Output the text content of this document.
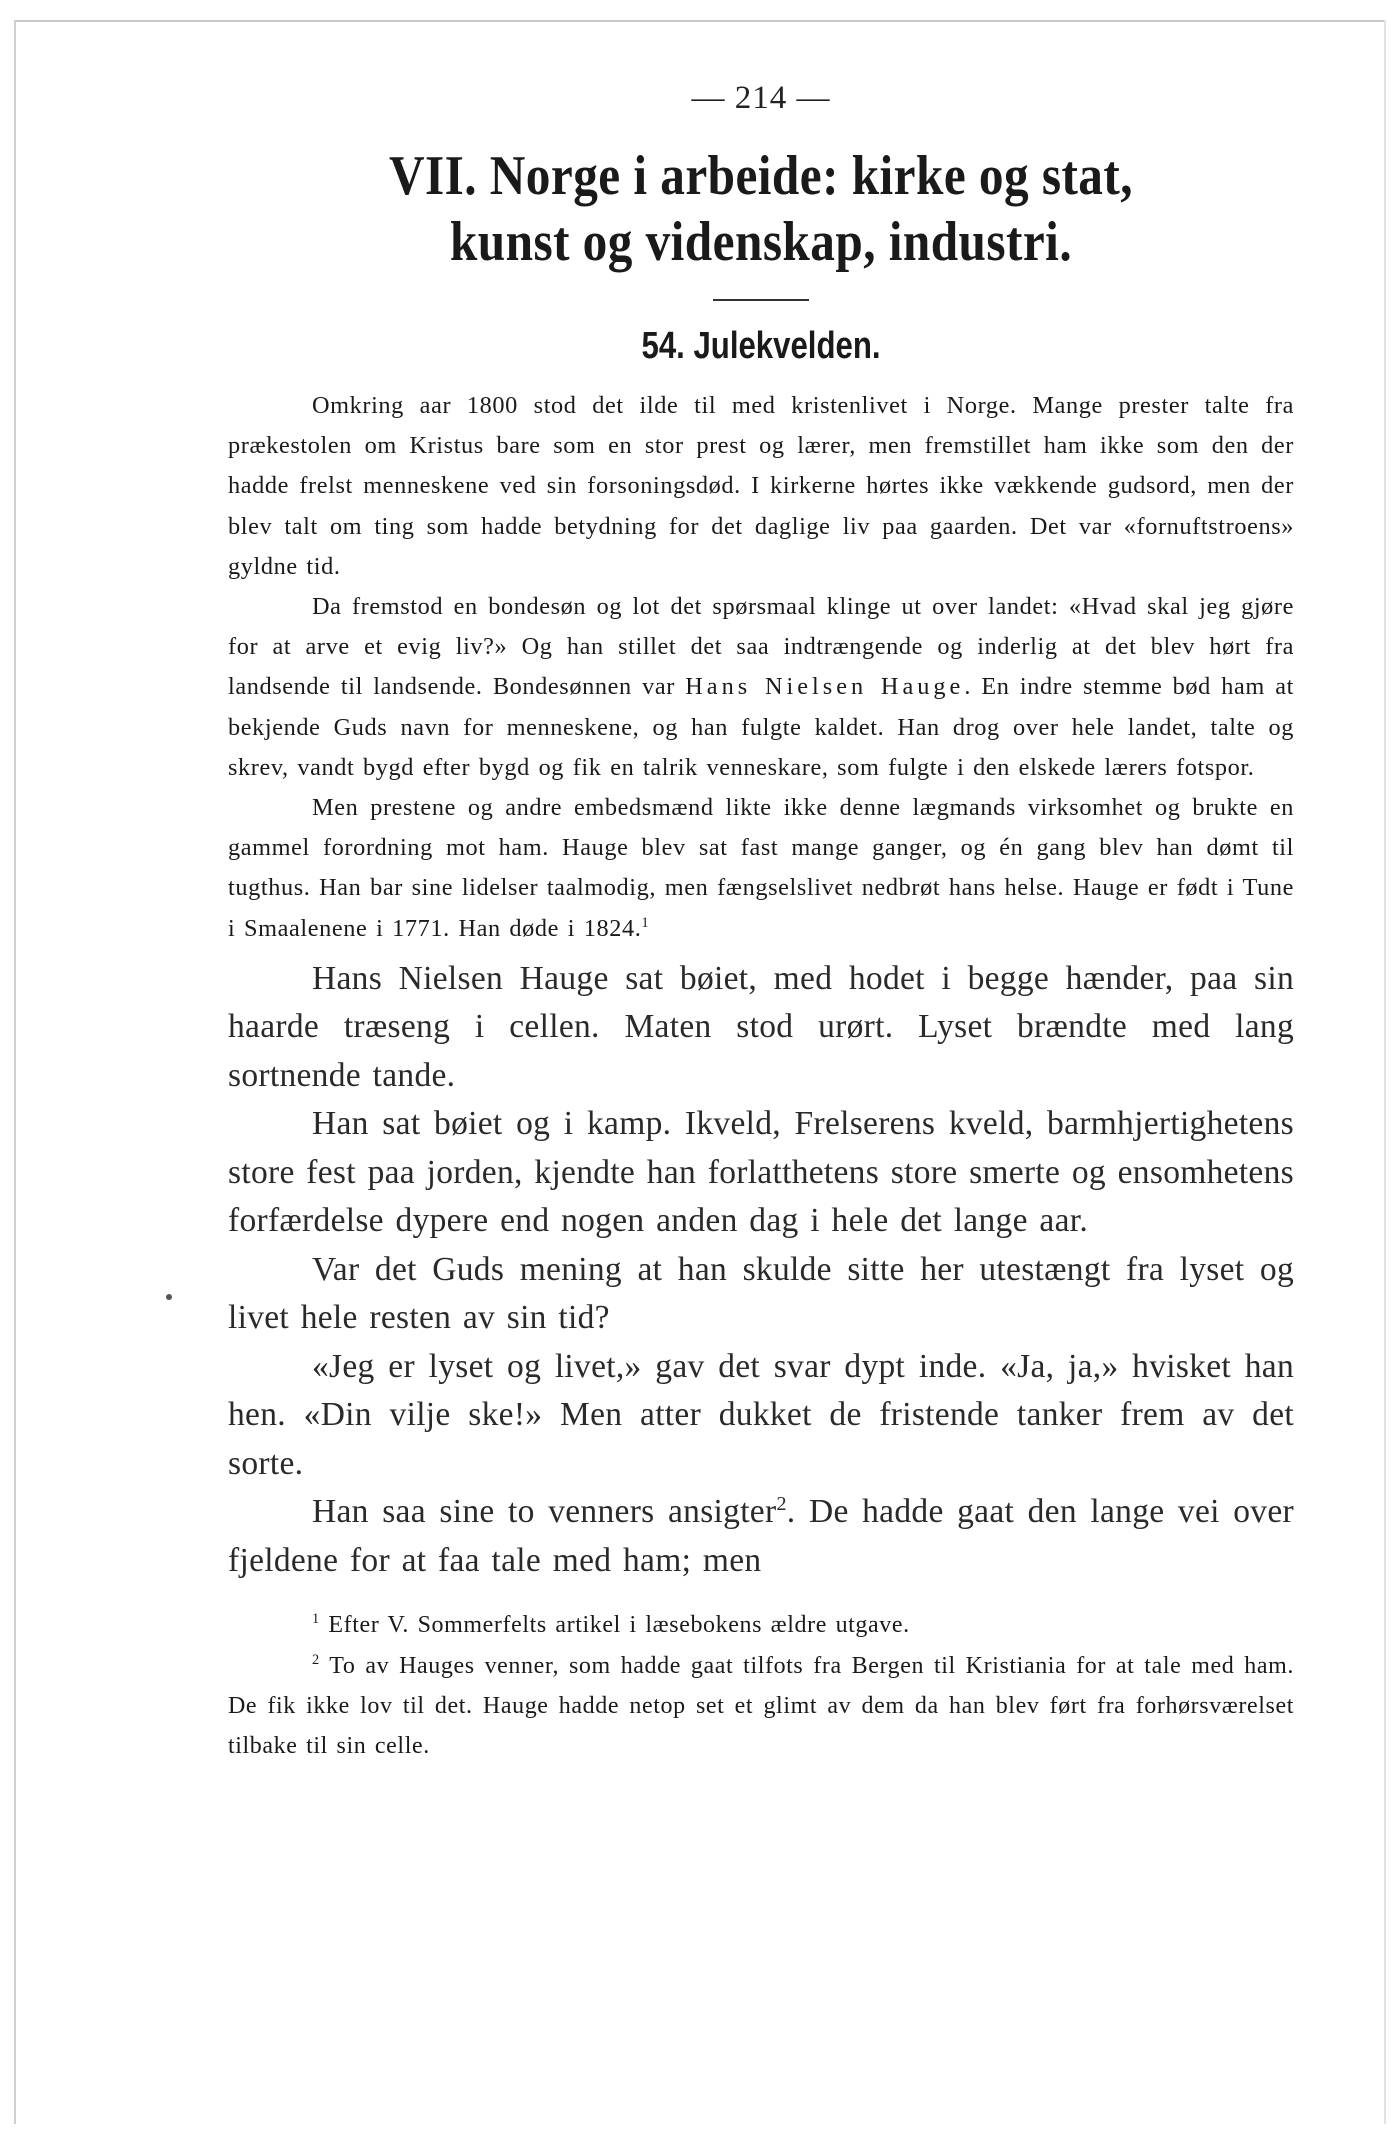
— 214 —
VII. Norge i arbeide: kirke og stat,
kunst og videnskap, industri.
54. Julekvelden.

Omkring aar 1800 stod det ilde til med kristenlivet i Norge. Mange prester talte fra prækestolen om Kristus bare som en stor prest og lærer, men fremstillet ham ikke som den der hadde frelst menneskene ved sin forsoningsdød. I kirkerne hørtes ikke vækkende gudsord, men der blev talt om ting som hadde betydning for det daglige liv paa gaarden. Det var «fornuftstroens» gyldne tid.

Da fremstod en bondesøn og lot det spørsmaal klinge ut over landet: «Hvad skal jeg gjøre for at arve et evig liv?» Og han stillet det saa indtrængende og inderlig at det blev hørt fra landsende til landsende. Bondesønnen var Hans Nielsen Hauge. En indre stemme bød ham at bekjende Guds navn for menneskene, og han fulgte kaldet. Han drog over hele landet, talte og skrev, vandt bygd efter bygd og fik en talrik venneskare, som fulgte i den elskede lærers fotspor.

Men prestene og andre embedsmænd likte ikke denne lægmands virksomhet og brukte en gammel forordning mot ham. Hauge blev sat fast mange ganger, og én gang blev han dømt til tugthus. Han bar sine lidelser taalmodig, men fængselslivet nedbrøt hans helse. Hauge er født i Tune i Smaalenene i 1771. Han døde i 1824.$^1$

Hans Nielsen Hauge sat bøiet, med hodet i begge hænder, paa sin haarde træseng i cellen. Maten stod urørt. Lyset brændte med lang sortnende tande.

Han sat bøiet og i kamp. Ikveld, Frelserens kveld, barmhjertighetens store fest paa jorden, kjendte han forlatthetens store smerte og ensomhetens forfærdelse dypere end nogen anden dag i hele det lange aar.

Var det Guds mening at han skulde sitte her utestængt fra lyset og livet hele resten av sin tid?

«Jeg er lyset og livet,» gav det svar dypt inde. «Ja, ja,» hvisket han hen. «Din vilje ske!» Men atter dukket de fristende tanker frem av det sorte.

Han saa sine to venners ansigter$^2$. De hadde gaat den lange vei over fjeldene for at faa tale med ham; men

$^1$ Efter V. Sommerfelts artikel i læsebokens ældre utgave.

$^2$ To av Hauges venner, som hadde gaat tilfots fra Bergen til Kristiania for at tale med ham. De fik ikke lov til det. Hauge hadde netop set et glimt av dem da han blev ført fra forhørsværelset tilbake til sin celle.
